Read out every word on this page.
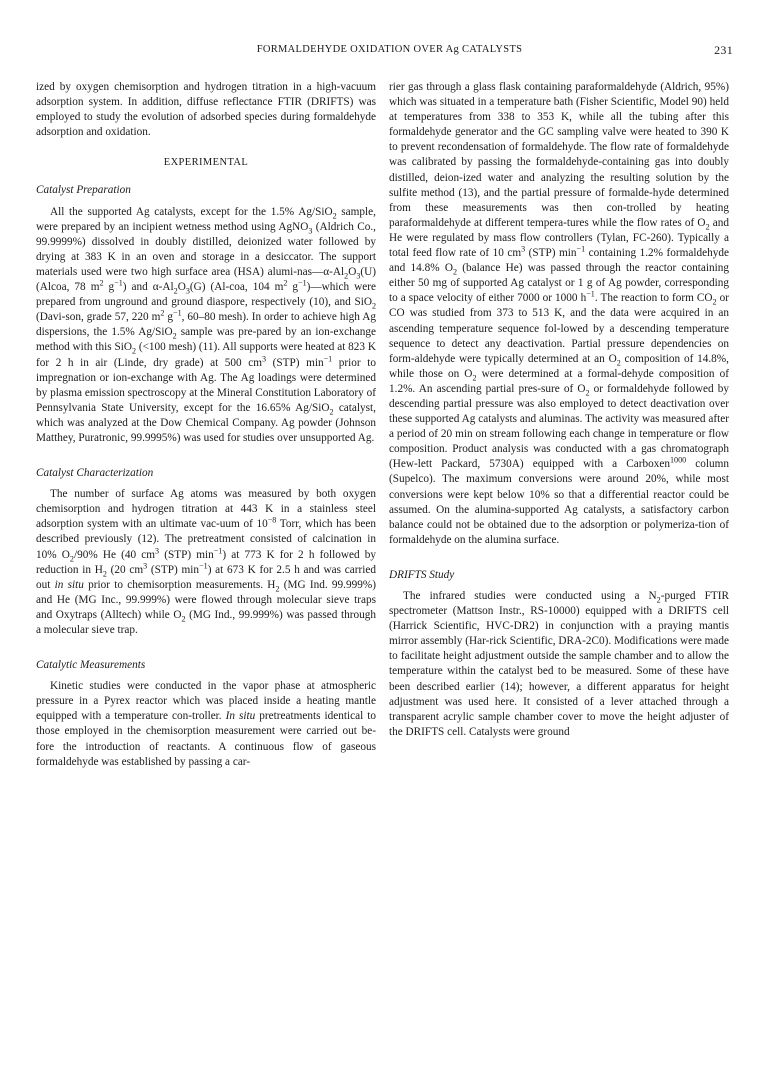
FORMALDEHYDE OXIDATION OVER Ag CATALYSTS	231

ized by oxygen chemisorption and hydrogen titration in a high-vacuum adsorption system. In addition, diffuse reflectance FTIR (DRIFTS) was employed to study the evolution of adsorbed species during formaldehyde adsorption and oxidation.

EXPERIMENTAL
Catalyst Preparation

All the supported Ag catalysts, except for the 1.5% Ag/SiO$_2$ sample, were prepared by an incipient wetness method using AgNO$_3$ (Aldrich Co., 99.9999%) dissolved in doubly distilled, deionized water followed by drying at 383 K in an oven and storage in a desiccator. The support materials used were two high surface area (HSA) alumi-$nas—\alpha-Al_2O_3(U)$ (Alcoa, 78 $m^2$ $g^{-1}$) and $\alpha-Al_2O_3(G)$ (Al-coa, 104 $m^2$ $g^{-1})—which$ were prepared from unground and ground diaspore, respectively (10), and SiO$_2$ (Davi-son, grade 57, 220 $m^2$ $g^{-1}$, 60–80 mesh). In order to achieve high Ag dispersions, the 1.5% Ag/SiO$_2$ sample was pre-pared by an ion-exchange method with this SiO$_2$ (<100 mesh) (11). All supports were heated at 823 K for 2 h in air (Linde, dry grade) at 500 $cm^3$ (STP) $\min^{-1}$ prior to impregnation or ion-exchange with Ag. The Ag loadings were determined by plasma emission spectroscopy at the Mineral Constitution Laboratory of Pennsylvania State University, except for the 16.65% Ag/SiO$_2$ catalyst, which was analyzed at the Dow Chemical Company. Ag powder (Johnson Matthey, Puratronic, 99.9995%) was used for studies over unsupported Ag.

Catalyst Characterization

The number of surface Ag atoms was measured by both oxygen chemisorption and hydrogen titration at 443 K in a stainless steel adsorption system with an ultimate vac-uum of $10^{-8}$ Torr, which has been described previously (12). The pretreatment consisted of calcination in 10% $O_2/90\%$ He (40 $cm^3$ (STP) $\min^{-1}$) at 773 K for 2 h followed by reduction in $H_2$ (20 $cm^3$ (STP) $\min^{-1}$) at 673 K for 2.5 h and was carried out in situ prior to chemisorption measurements. $H_2$ (MG Ind. 99.999%) and He (MG Inc., 99.999%) were flowed through molecular sieve traps and Oxytraps (Alltech) while $O_2$ (MG Ind., 99.999%) was passed through a molecular sieve trap.

Catalytic Measurements

Kinetic studies were conducted in the vapor phase at atmospheric pressure in a Pyrex reactor which was placed inside a heating mantle equipped with a temperature con-troller. In situ pretreatments identical to those employed in the chemisorption measurement were carried out be-fore the introduction of reactants. A continuous flow of gaseous formaldehyde was established by passing a car-

rier gas through a glass flask containing paraformaldehyde (Aldrich, 95%) which was situated in a temperature bath (Fisher Scientific, Model 90) held at temperatures from 338 to 353 K, while all the tubing after this formaldehyde generator and the GC sampling valve were heated to 390 K to prevent recondensation of formaldehyde. The flow rate of formaldehyde was calibrated by passing the formaldehyde-containing gas into doubly distilled, deion-ized water and analyzing the resulting solution by the sulfite method (13), and the partial pressure of formalde-hyde determined from these measurements was then con-trolled by heating paraformaldehyde at different tempera-tures while the flow rates of $O_2$ and He were regulated by mass flow controllers (Tylan, FC-260). Typically a total feed flow rate of 10 $cm^3$ (STP) $\min^{-1}$ containing 1.2% formaldehyde and 14.8% $O_2$ (balance He) was passed through the reactor containing either 50 mg of supported Ag catalyst or 1 g of Ag powder, corresponding to a space velocity of either 7000 or 1000 $h^{-1}$. The reaction to form $CO_2$ or CO was studied from 373 to 513 K, and the data were acquired in an ascending temperature sequence fol-lowed by a descending temperature sequence to detect any deactivation. Partial pressure dependencies on form-aldehyde were typically determined at an $O_2$ composition of 14.8%, while those on $O_2$ were determined at a formal-dehyde composition of 1.2%. An ascending partial pres-sure of $O_2$ or formaldehyde followed by descending partial pressure was also employed to detect deactivation over these supported Ag catalysts and aluminas. The activity was measured after a period of 20 min on stream following each change in temperature or flow composition. Product analysis was conducted with a gas chromatograph (Hew-lett Packard, 5730A) equipped with a Carboxen$^{1000}$ column (Supelco). The maximum conversions were around 20%, while most conversions were kept below 10% so that a differential reactor could be assumed. On the alumina-supported Ag catalysts, a satisfactory carbon balance could not be obtained due to the adsorption or polymeriza-tion of formaldehyde on the alumina surface.

DRIFTS Study

The infrared studies were conducted using a $N_2$-purged FTIR spectrometer (Mattson Instr., RS-10000) equipped with a DRIFTS cell (Harrick Scientific, HVC-DR2) in conjunction with a praying mantis mirror assembly (Har-rick Scientific, DRA-2C0). Modifications were made to facilitate height adjustment outside the sample chamber and to allow the temperature within the catalyst bed to be measured. Some of these have been described earlier (14); however, a different apparatus for height adjustment was used here. It consisted of a lever attached through a transparent acrylic sample chamber cover to move the height adjuster of the DRIFTS cell. Catalysts were ground
